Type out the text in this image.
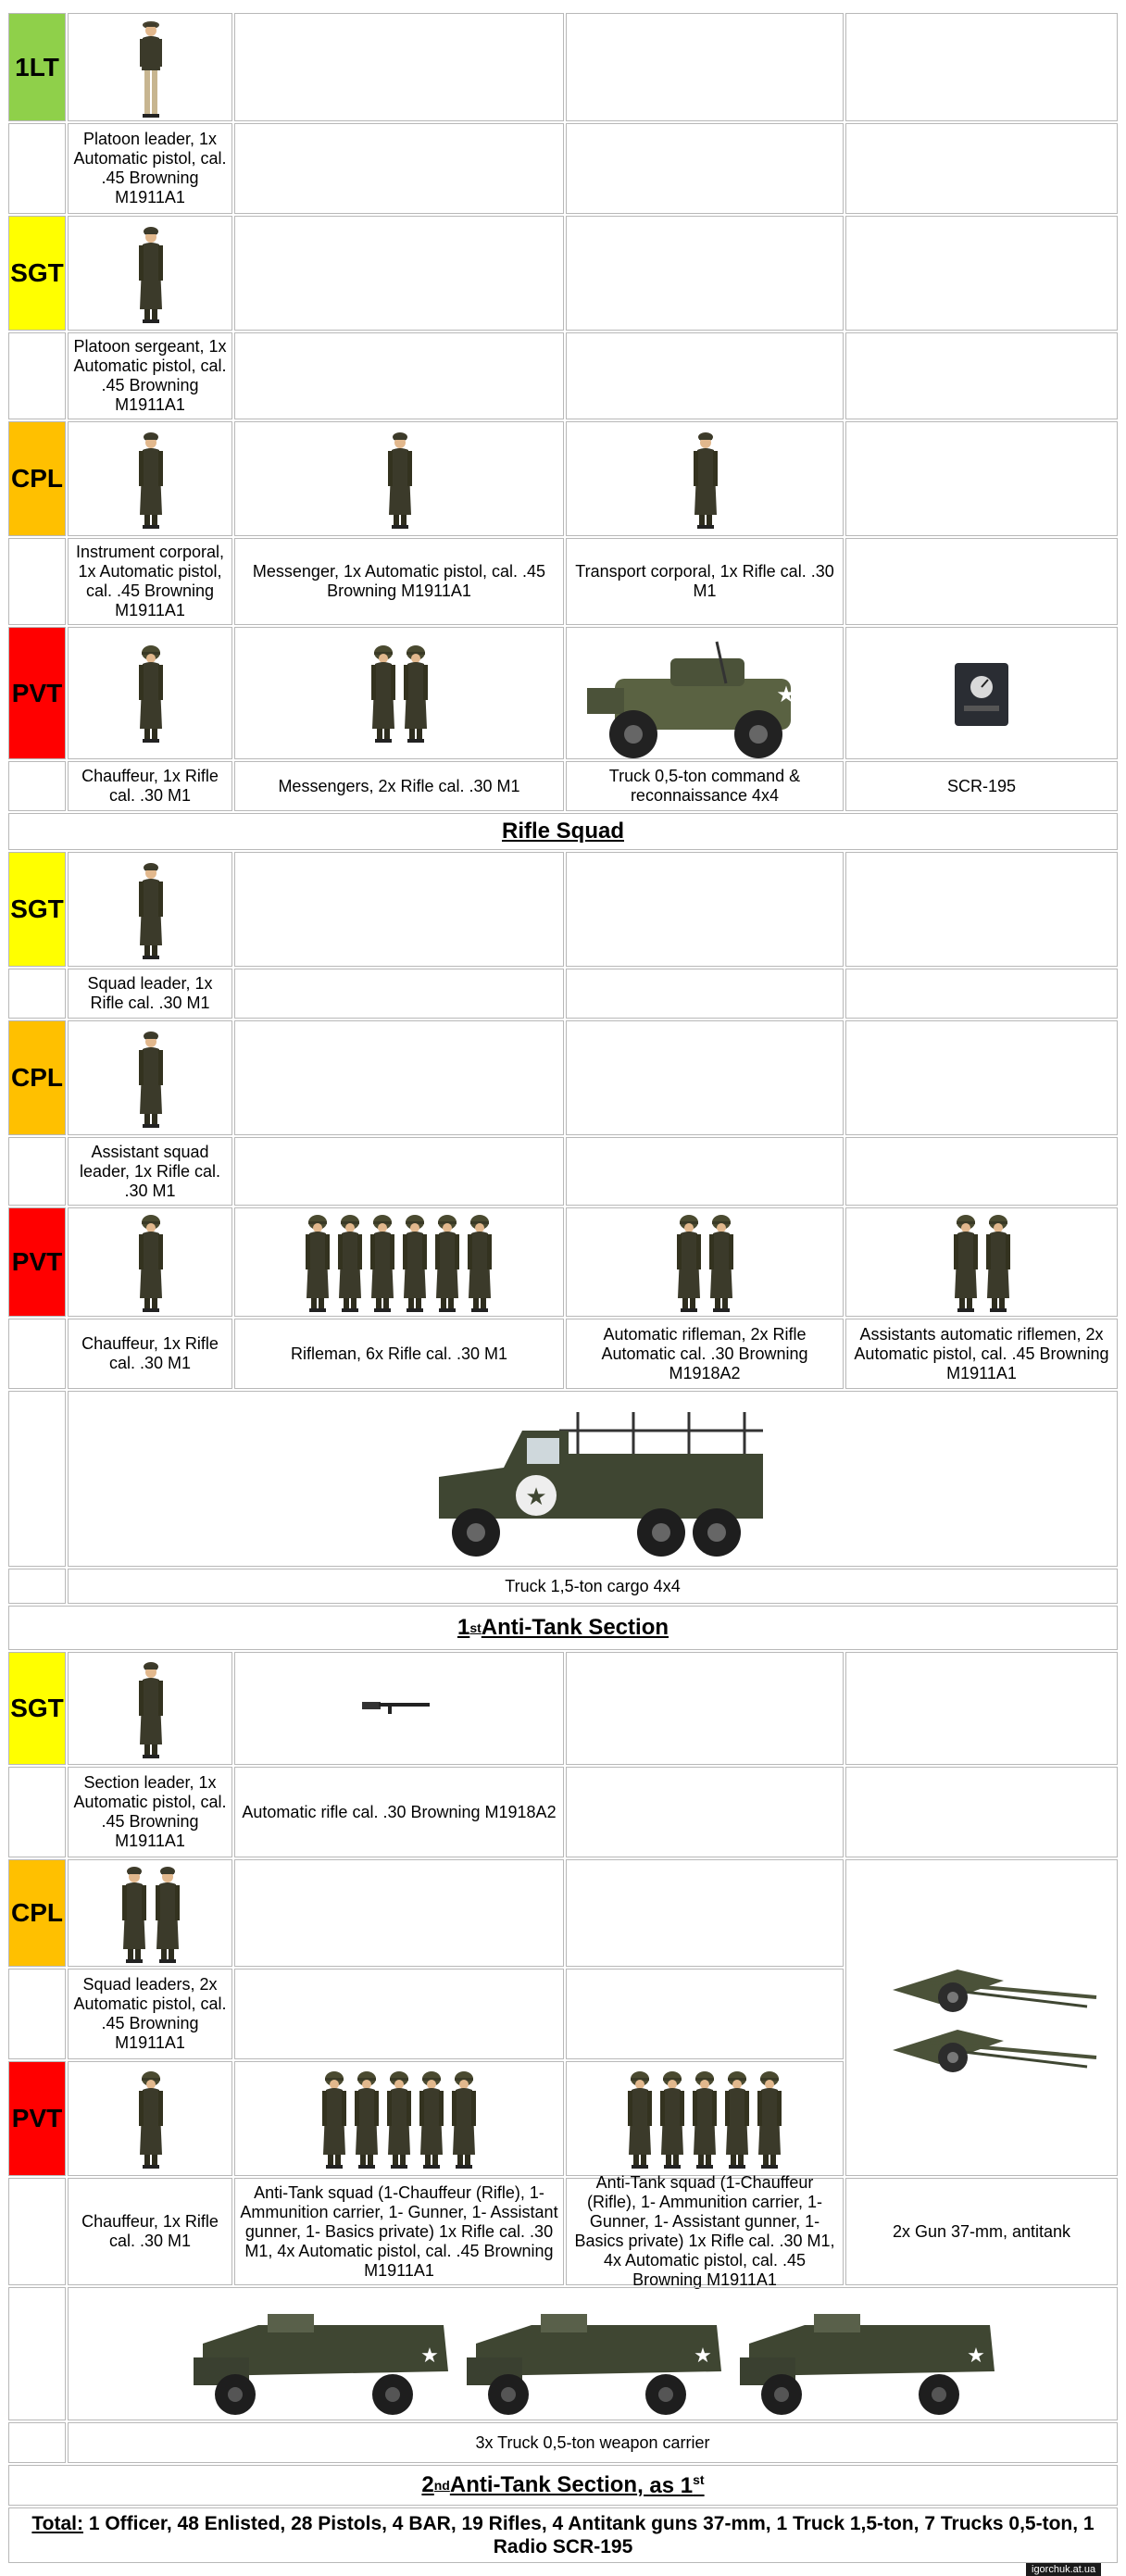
1LT
Platoon leader, 1x Automatic pistol, cal. .45 Browning M1911A1
SGT
Platoon sergeant, 1x Automatic pistol, cal. .45 Browning M1911A1
CPL
Instrument corporal, 1x Automatic pistol, cal. .45 Browning M1911A1
Messenger, 1x Automatic pistol, cal. .45 Browning M1911A1
Transport corporal, 1x Rifle cal. .30 M1
PVT
Chauffeur, 1x Rifle cal. .30 M1
Messengers, 2x Rifle cal. .30 M1
Truck 0,5-ton command & reconnaissance 4x4
SCR-195
Rifle Squad
SGT
Squad leader, 1x Rifle cal. .30 M1
CPL
Assistant squad leader, 1x Rifle cal. .30 M1
PVT
Chauffeur, 1x Rifle cal. .30 M1
Rifleman, 6x Rifle cal. .30 M1
Automatic rifleman, 2x Rifle Automatic cal. .30 Browning M1918A2
Assistants automatic riflemen, 2x Automatic pistol, cal. .45 Browning M1911A1
★
Truck 1,5-ton cargo 4x4
1 st Anti-Tank Section
SGT
Section leader, 1x Automatic pistol, cal. .45 Browning M1911A1
Automatic rifle cal. .30 Browning M1918A2
CPL
Squad leaders, 2x Automatic pistol, cal. .45 Browning M1911A1
PVT
Chauffeur, 1x Rifle cal. .30 M1
Anti-Tank squad (1-Chauffeur (Rifle), 1- Ammunition carrier, 1- Gunner, 1- Assistant gunner, 1- Basics private) 1x Rifle cal. .30 M1, 4x Automatic pistol, cal. .45 Browning M1911A1
Anti-Tank squad (1-Chauffeur (Rifle), 1- Ammunition carrier, 1- Gunner, 1- Assistant gunner, 1- Basics private) 1x Rifle cal. .30 M1, 4x Automatic pistol, cal. .45 Browning M1911A1
2x Gun 37-mm, antitank
3x Truck 0,5-ton weapon carrier
2 nd Anti-Tank Section , as 1st
Total: 1 Officer, 48 Enlisted, 28 Pistols, 4 BAR, 19 Rifles, 4 Antitank guns 37-mm, 1 Truck 1,5-ton, 7 Trucks 0,5-ton, 1 Radio SCR-195
igorchuk.at.ua
